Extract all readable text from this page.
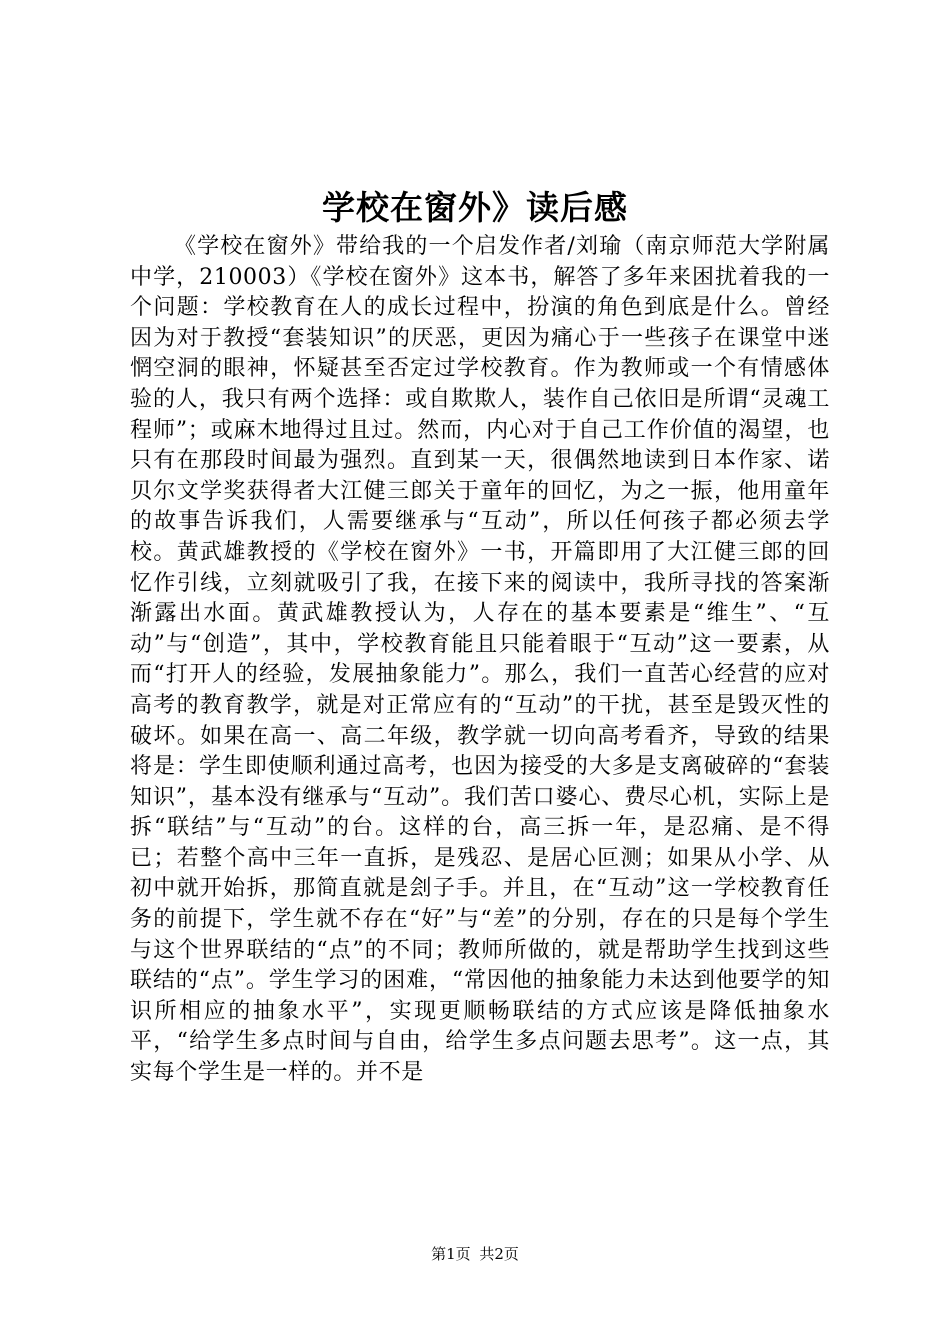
学校在窗外》读后感

《学校在窗外》带给我的一个启发作者/刘瑜（南京师范大学附属中学，210003）《学校在窗外》这本书，解答了多年来困扰着我的一个问题：学校教育在人的成长过程中，扮演的角色到底是什么。曾经因为对于教授“套装知识”的厌恶，更因为痛心于一些孩子在课堂中迷惘空洞的眼神，怀疑甚至否定过学校教育。作为教师或一个有情感体验的人，我只有两个选择：或自欺欺人，装作自己依旧是所谓“灵魂工程师”；或麻木地得过且过。然而，内心对于自己工作价值的渴望，也只有在那段时间最为强烈。直到某一天，很偶然地读到日本作家、诺贝尔文学奖获得者大江健三郎关于童年的回忆，为之一振，他用童年的故事告诉我们，人需要继承与“互动”，所以任何孩子都必须去学校。黄武雄教授的《学校在窗外》一书，开篇即用了大江健三郎的回忆作引线，立刻就吸引了我，在接下来的阅读中，我所寻找的答案渐渐露出水面。黄武雄教授认为，人存在的基本要素是“维生”、“互动”与“创造”，其中，学校教育能且只能着眼于“互动”这一要素，从而“打开人的经验，发展抽象能力”。那么，我们一直苦心经营的应对高考的教育教学，就是对正常应有的“互动”的干扰，甚至是毁灭性的破坏。如果在高一、高二年级，教学就一切向高考看齐，导致的结果将是：学生即使顺利通过高考，也因为接受的大多是支离破碎的“套装知识”，基本没有继承与“互动”。我们苦口婆心、费尽心机，实际上是拆“联结”与“互动”的台。这样的台，高三拆一年，是忍痛、是不得已；若整个高中三年一直拆，是残忍、是居心叵测；如果从小学、从初中就开始拆，那简直就是刽子手。并且，在“互动”这一学校教育任务的前提下，学生就不存在“好”与“差”的分别，存在的只是每个学生与这个世界联结的“点”的不同；教师所做的，就是帮助学生找到这些联结的“点”。学生学习的困难，“常因他的抽象能力未达到他要学的知识所相应的抽象水平”，实现更顺畅联结的方式应该是降低抽象水平，“给学生多点时间与自由，给学生多点问题去思考”。这一点，其实每个学生是一样的。并不是

第1页 共2页
